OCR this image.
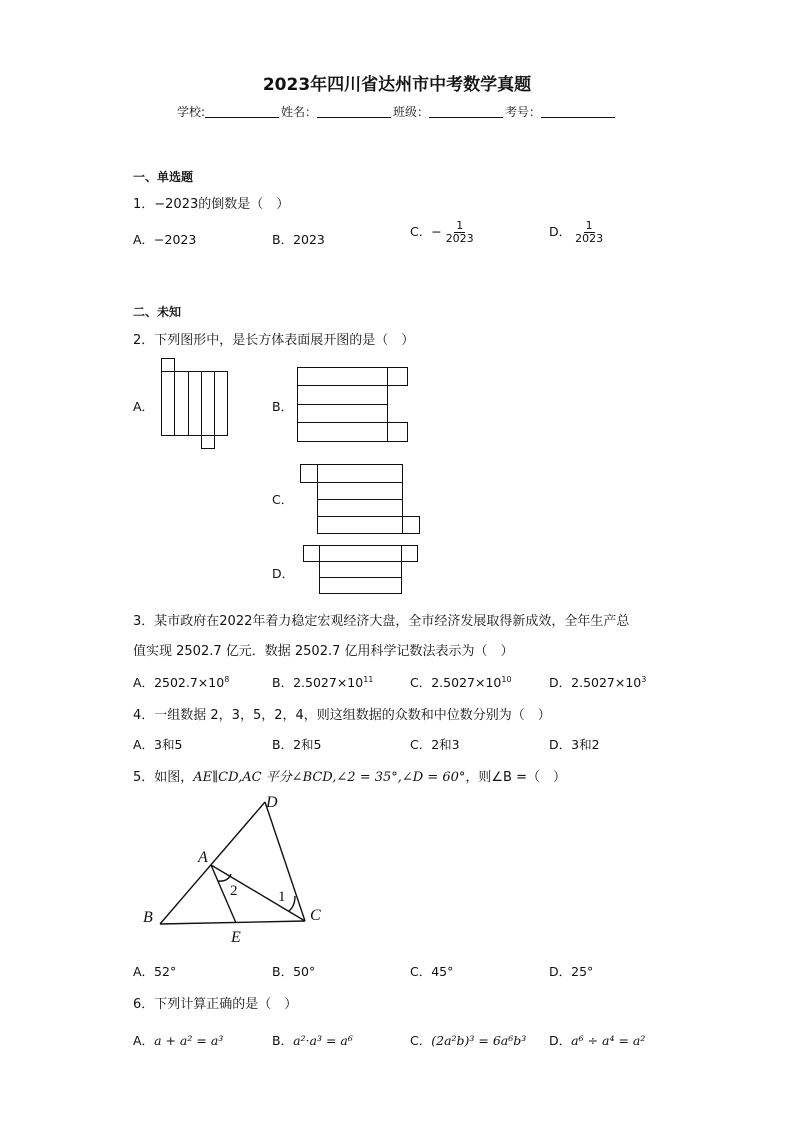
2023年四川省达州市中考数学真题
学校:	姓名：	班级：	考号：
一、单选题
1．−2023的倒数是（　）
A．−2023	B．2023
C．− $\frac{1}{2023}$	D． $\frac{1}{2023}$
二、未知
2．下列图形中，是长方体表面展开图的是（　）
A．	B．
C．
D．
3．某市政府在2022年着力稳定宏观经济大盘，全市经济发展取得新成效，全年生产总
值实现 2502.7 亿元．数据 2502.7 亿用科学记数法表示为（　）
A．$2502.7\times 10^8$	B．$2.5027\times 10^{11}$	C．$2.5027\times 10^{10}$	D．$2.5027\times 10^3$
4．一组数据 2，3，5，2，4，则这组数据的众数和中位数分别为（　）
A．3和5	B．2和5	C．2和3	D．3和2
5．如图，AE∥CD,AC 平分∠BCD,∠2 = 35°,∠D = 60°，则∠B =（　）
D
A
B	C
E
2	1
A．52°	B．50°	C．45°	D．25°
6．下列计算正确的是（　）
A．a + a² = a³	B．a²·a³ = a⁶	C．(2a²b)³ = 6a⁶b³ D．a⁶ ÷ a⁴ = a²
